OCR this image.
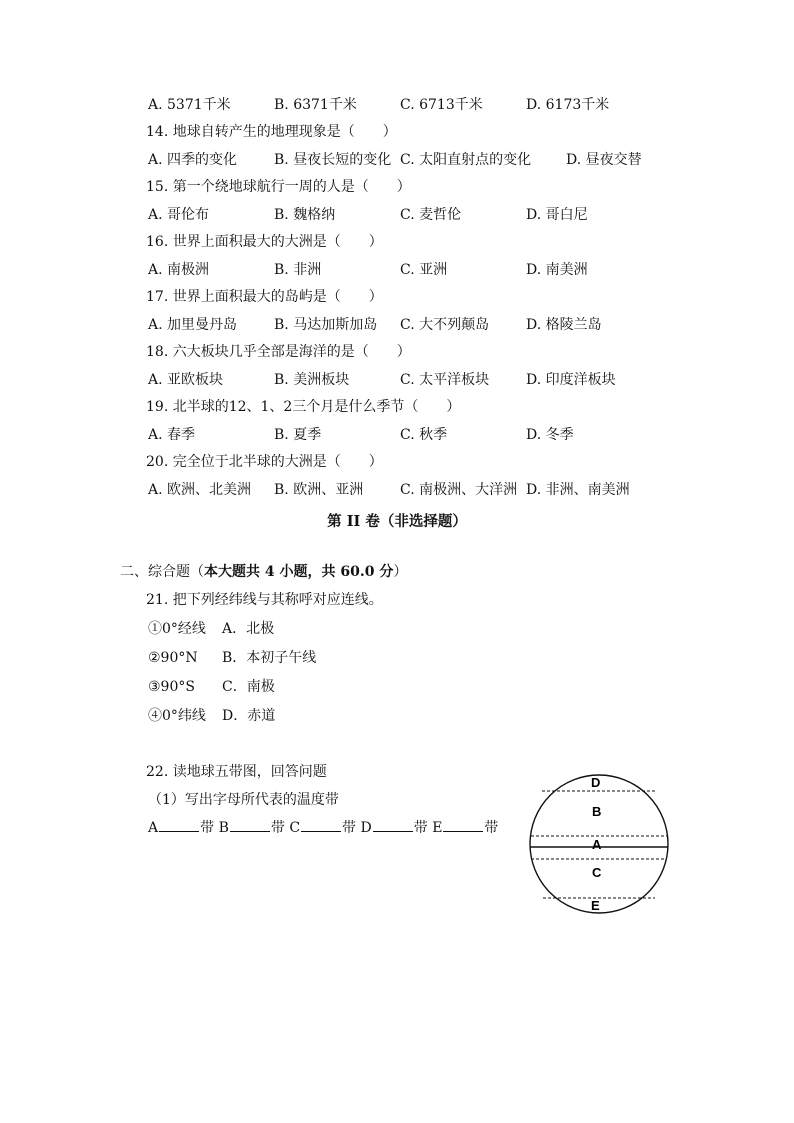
A. 5371千米	B. 6371千米	C. 6713千米	D. 6173千米
14. 地球自转产生的地理现象是（　　）
A. 四季的变化	B. 昼夜长短的变化 C. 太阳直射点的变化 D. 昼夜交替
15. 第一个绕地球航行一周的人是（　　）
A. 哥伦布	B. 魏格纳	C. 麦哲伦	D. 哥白尼
16. 世界上面积最大的大洲是（　　）
A. 南极洲	B. 非洲	C. 亚洲	D. 南美洲
17. 世界上面积最大的岛屿是（　　）
A. 加里曼丹岛	B. 马达加斯加岛 C. 大不列颠岛	D. 格陵兰岛
18. 六大板块几乎全部是海洋的是（　　）
A. 亚欧板块	B. 美洲板块	C. 太平洋板块	D. 印度洋板块
19. 北半球的12、1、2三个月是什么季节（　　）
A. 春季	B. 夏季	C. 秋季	D. 冬季
20. 完全位于北半球的大洲是（　　）
A. 欧洲、北美洲 B. 欧洲、亚洲	C. 南极洲、大洋洲 D. 非洲、南美洲
第 II 卷（非选择题）
二、综合题（本大题共 4 小题，共 60.0 分）
21. 把下列经纬线与其称呼对应连线。
①0°经线 A．北极
②90°N B．本初子午线
③90°S C．南极
④0°纬线 D．赤道
22. 读地球五带图，回答问题
（1）写出字母所代表的温度带
A	带 B	带 C	带 D	带 E	带
D
B
A
C
E
